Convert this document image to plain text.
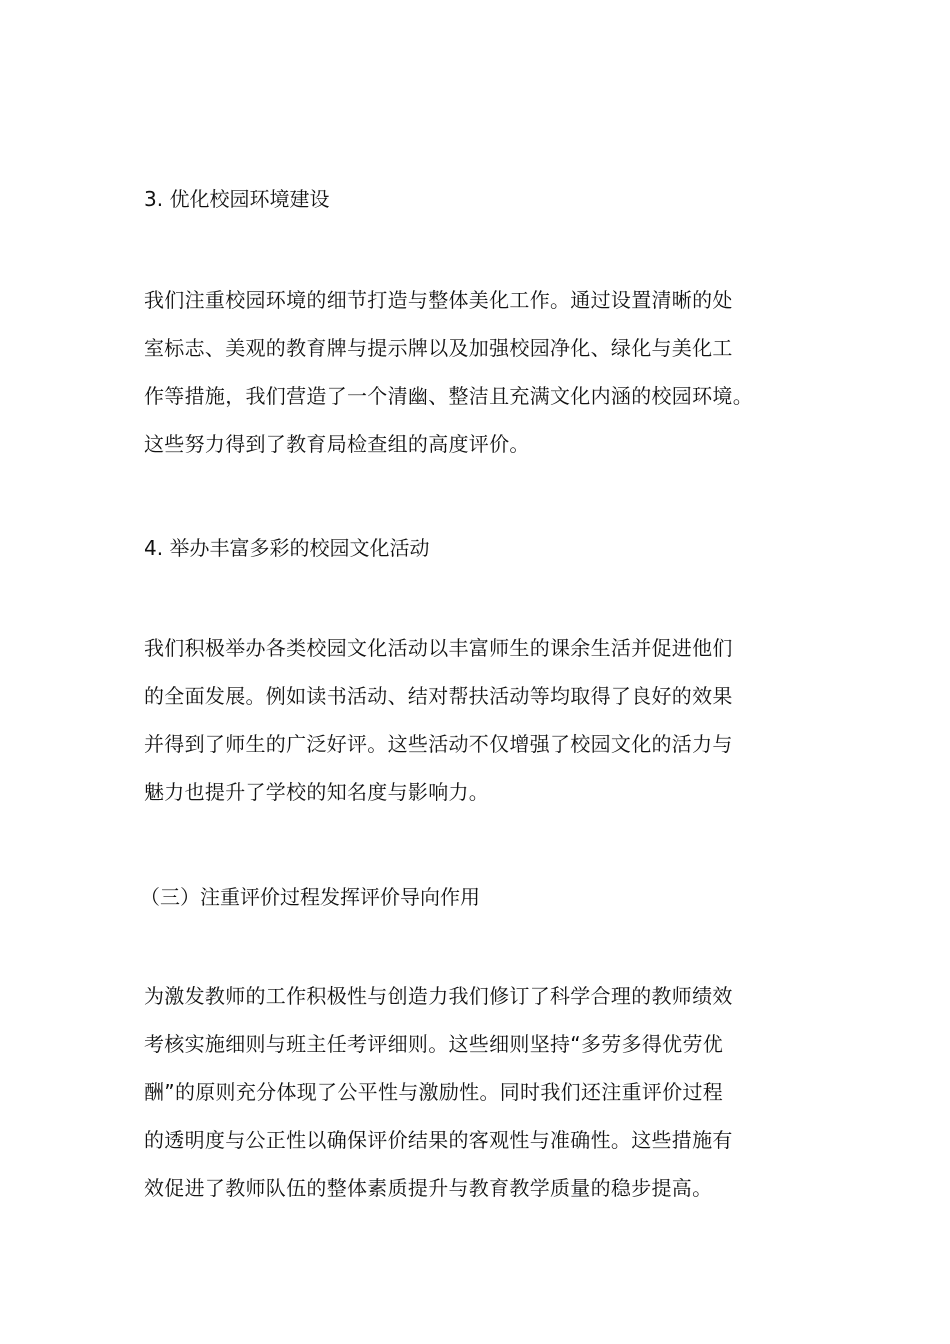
3. 优化校园环境建设
我们注重校园环境的细节打造与整体美化工作。通过设置清晰的处
室标志、美观的教育牌与提示牌以及加强校园净化、绿化与美化工
作等措施，我们营造了一个清幽、整洁且充满文化内涵的校园环境。
这些努力得到了教育局检查组的高度评价。
4. 举办丰富多彩的校园文化活动
我们积极举办各类校园文化活动以丰富师生的课余生活并促进他们
的全面发展。例如读书活动、结对帮扶活动等均取得了良好的效果
并得到了师生的广泛好评。这些活动不仅增强了校园文化的活力与
魅力也提升了学校的知名度与影响力。
（三）注重评价过程发挥评价导向作用
为激发教师的工作积极性与创造力我们修订了科学合理的教师绩效
考核实施细则与班主任考评细则。这些细则坚持“多劳多得优劳优
酬”的原则充分体现了公平性与激励性。同时我们还注重评价过程
的透明度与公正性以确保评价结果的客观性与准确性。这些措施有
效促进了教师队伍的整体素质提升与教育教学质量的稳步提高。
